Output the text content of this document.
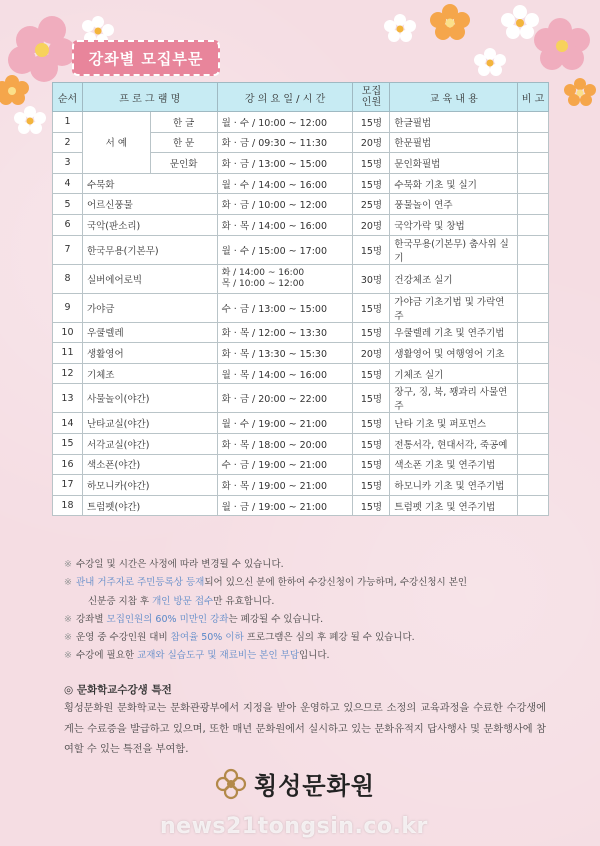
강좌별 모집부문
순서	프 로 그 램 명		강 의 요 일 / 시 간	모집
인원	교 육 내 용	비 고
1	서 예	한 글	월 · 수 / 10:00 ~ 12:00	15명	한글필법	
2		한 문	화 · 금 / 09:30 ~ 11:30	20명	한문필법	
3		문인화	화 · 금 / 13:00 ~ 15:00	15명	문인화필법	
4	수묵화		월 · 수 / 14:00 ~ 16:00	15명	수묵화 기초 및 실기	
5	어르신풍물		화 · 금 / 10:00 ~ 12:00	25명	풍물놀이 연주	
6	국악(판소리)		화 · 목 / 14:00 ~ 16:00	20명	국악가락 및 창법	
7	한국무용(기본무)		월 · 수 / 15:00 ~ 17:00	15명	한국무용(기본무) 춤사위 실기	
8	실버에어로빅		화 / 14:00 ~ 16:00
목 / 10:00 ~ 12:00	30명	건강체조 실기	
9	가야금		수 · 금 / 13:00 ~ 15:00	15명	가야금 기초기법 및 가락연주	
10	우쿨렐레		화 · 목 / 12:00 ~ 13:30	15명	우쿨렐레 기초 및 연주기법	
11	생활영어		화 · 목 / 13:30 ~ 15:30	20명	생활영어 및 여행영어 기초	
12	기체조		월 · 목 / 14:00 ~ 16:00	15명	기체조 실기	
13	사물놀이(야간)		화 · 금 / 20:00 ~ 22:00	15명	장구, 징, 북, 꽹과리 사물연주	
14	난타교실(야간)		월 · 수 / 19:00 ~ 21:00	15명	난타 기초 및 퍼포먼스	
15	서각교실(야간)		화 · 목 / 18:00 ~ 20:00	15명	전통서각, 현대서각, 죽공예	
16	색소폰(야간)		수 · 금 / 19:00 ~ 21:00	15명	색소폰 기초 및 연주기법	
17	하모니카(야간)		화 · 목 / 19:00 ~ 21:00	15명	하모니카 기초 및 연주기법	
18	트럼펫(야간)		월 · 금 / 19:00 ~ 21:00	15명	트럼펫 기초 및 연주기법	
※ 수강일 및 시간은 사정에 따라 변경될 수 있습니다.
※ 관내 거주자로 주민등록상 등재되어 있으신 분에 한하여 수강신청이 가능하며, 수강신청시 본인
신분증 지참 후 개인 방문 접수만 유효합니다.
※ 강좌별 모집인원의 60% 미만인 강좌는 폐강될 수 있습니다.
※ 운영 중 수강인원 대비 참여율 50% 이하 프로그램은 심의 후 폐강 될 수 있습니다.
※ 수강에 필요한 교재와 실습도구 및 재료비는 본인 부담입니다.
◎ 문화학교수강생 특전
횡성문화원 문화학교는 문화관광부에서 지정을 받아 운영하고 있으므로 소정의 교육과정을 수료한 수강생에게는 수료증을 발급하고 있으며, 또한 매년 문화원에서 실시하고 있는 문화유적지 답사행사 및 문화행사에 참여할 수 있는 특전을 부여함.
횡성문화원
news21tongsin.co.kr
